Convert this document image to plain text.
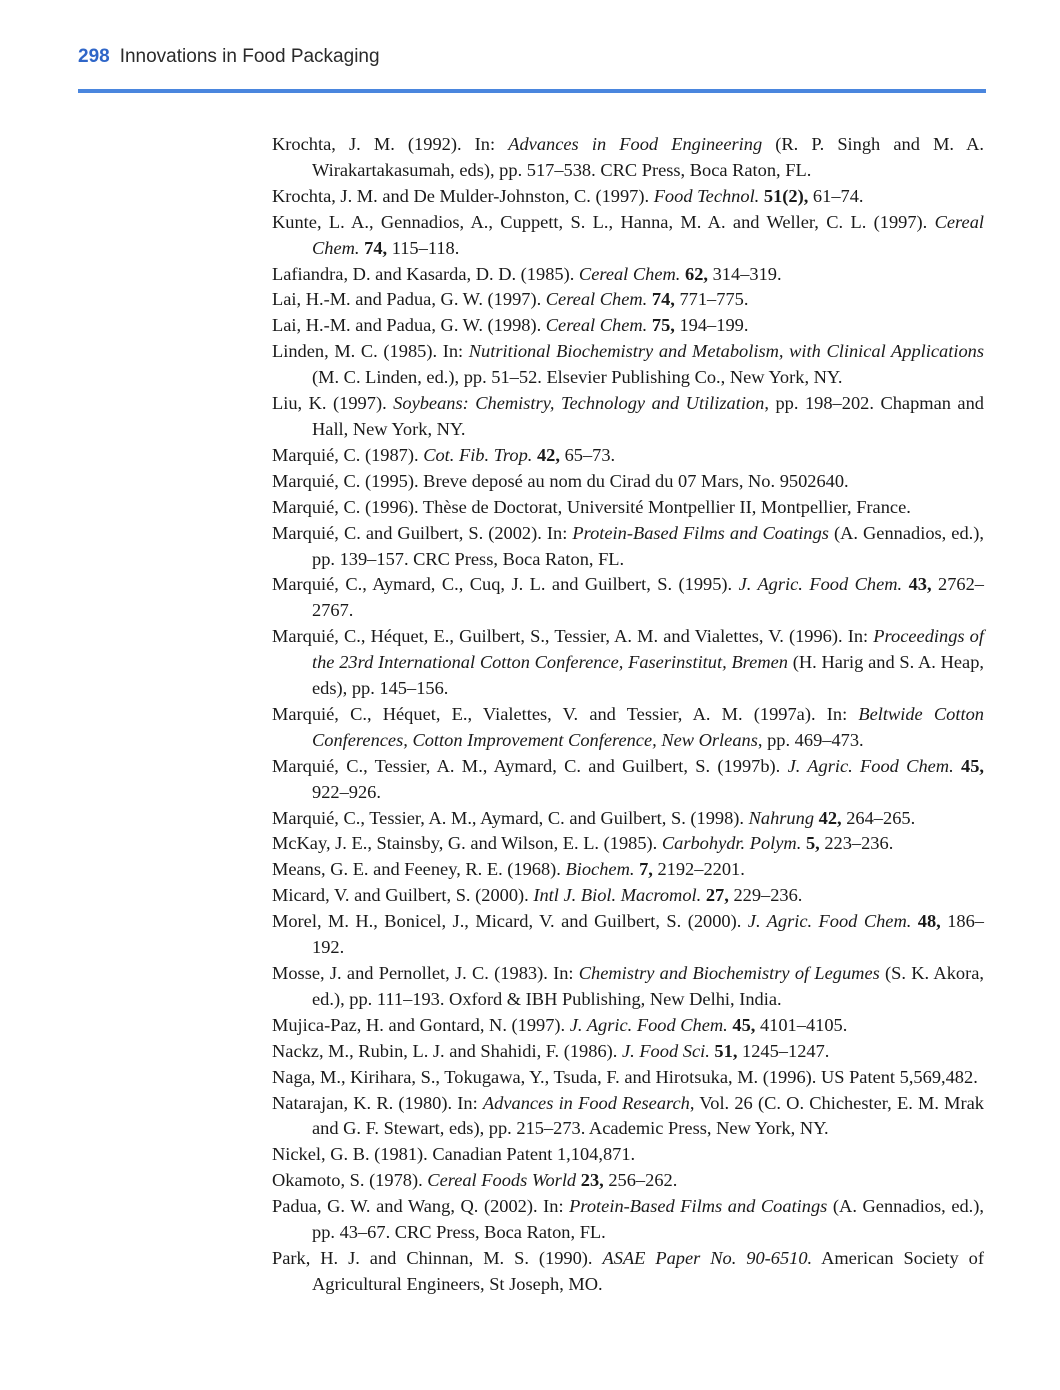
298 Innovations in Food Packaging

Krochta, J. M. (1992). In: Advances in Food Engineering (R. P. Singh and M. A. Wirakartakasumah, eds), pp. 517–538. CRC Press, Boca Raton, FL.

Krochta, J. M. and De Mulder-Johnston, C. (1997). Food Technol. 51(2), 61–74.

Kunte, L. A., Gennadios, A., Cuppett, S. L., Hanna, M. A. and Weller, C. L. (1997). Cereal Chem. 74, 115–118.

Lafiandra, D. and Kasarda, D. D. (1985). Cereal Chem. 62, 314–319.

Lai, H.-M. and Padua, G. W. (1997). Cereal Chem. 74, 771–775.

Lai, H.-M. and Padua, G. W. (1998). Cereal Chem. 75, 194–199.

Linden, M. C. (1985). In: Nutritional Biochemistry and Metabolism, with Clinical Applications (M. C. Linden, ed.), pp. 51–52. Elsevier Publishing Co., New York, NY.

Liu, K. (1997). Soybeans: Chemistry, Technology and Utilization, pp. 198–202. Chapman and Hall, New York, NY.

Marquié, C. (1987). Cot. Fib. Trop. 42, 65–73.

Marquié, C. (1995). Breve deposé au nom du Cirad du 07 Mars, No. 9502640.

Marquié, C. (1996). Thèse de Doctorat, Université Montpellier II, Montpellier, France.

Marquié, C. and Guilbert, S. (2002). In: Protein-Based Films and Coatings (A. Gennadios, ed.), pp. 139–157. CRC Press, Boca Raton, FL.

Marquié, C., Aymard, C., Cuq, J. L. and Guilbert, S. (1995). J. Agric. Food Chem. 43, 2762–2767.

Marquié, C., Héquet, E., Guilbert, S., Tessier, A. M. and Vialettes, V. (1996). In: Proceedings of the 23rd International Cotton Conference, Faserinstitut, Bremen (H. Harig and S. A. Heap, eds), pp. 145–156.

Marquié, C., Héquet, E., Vialettes, V. and Tessier, A. M. (1997a). In: Beltwide Cotton Conferences, Cotton Improvement Conference, New Orleans, pp. 469–473.

Marquié, C., Tessier, A. M., Aymard, C. and Guilbert, S. (1997b). J. Agric. Food Chem. 45, 922–926.

Marquié, C., Tessier, A. M., Aymard, C. and Guilbert, S. (1998). Nahrung 42, 264–265.

McKay, J. E., Stainsby, G. and Wilson, E. L. (1985). Carbohydr. Polym. 5, 223–236.

Means, G. E. and Feeney, R. E. (1968). Biochem. 7, 2192–2201.

Micard, V. and Guilbert, S. (2000). Intl J. Biol. Macromol. 27, 229–236.

Morel, M. H., Bonicel, J., Micard, V. and Guilbert, S. (2000). J. Agric. Food Chem. 48, 186–192.

Mosse, J. and Pernollet, J. C. (1983). In: Chemistry and Biochemistry of Legumes (S. K. Akora, ed.), pp. 111–193. Oxford & IBH Publishing, New Delhi, India.

Mujica-Paz, H. and Gontard, N. (1997). J. Agric. Food Chem. 45, 4101–4105.

Nackz, M., Rubin, L. J. and Shahidi, F. (1986). J. Food Sci. 51, 1245–1247.

Naga, M., Kirihara, S., Tokugawa, Y., Tsuda, F. and Hirotsuka, M. (1996). US Patent 5,569,482.

Natarajan, K. R. (1980). In: Advances in Food Research, Vol. 26 (C. O. Chichester, E. M. Mrak and G. F. Stewart, eds), pp. 215–273. Academic Press, New York, NY.

Nickel, G. B. (1981). Canadian Patent 1,104,871.

Okamoto, S. (1978). Cereal Foods World 23, 256–262.

Padua, G. W. and Wang, Q. (2002). In: Protein-Based Films and Coatings (A. Gennadios, ed.), pp. 43–67. CRC Press, Boca Raton, FL.

Park, H. J. and Chinnan, M. S. (1990). ASAE Paper No. 90-6510. American Society of Agricultural Engineers, St Joseph, MO.
